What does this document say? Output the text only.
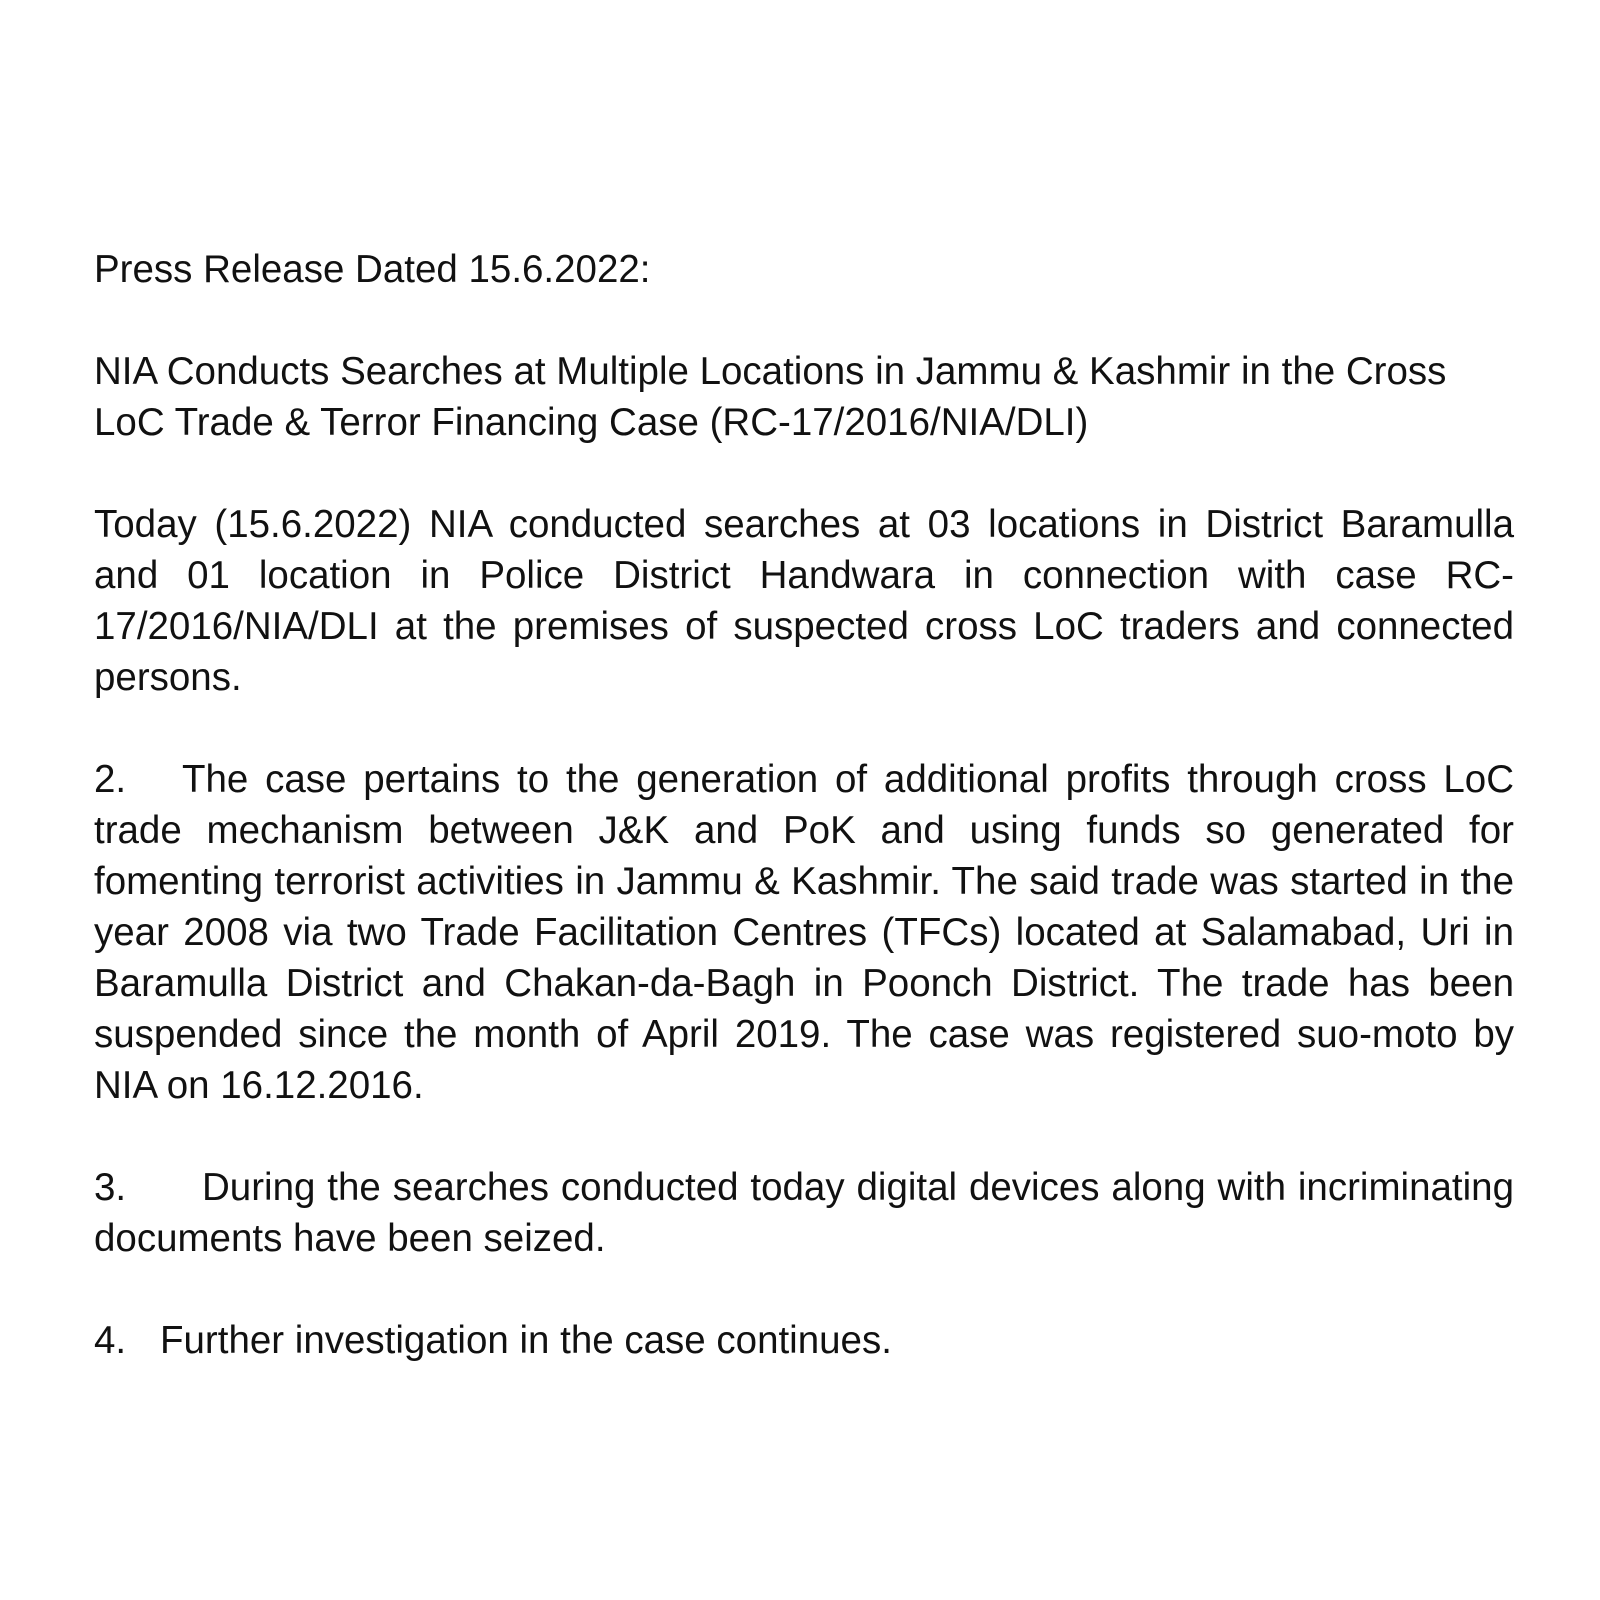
Press Release Dated 15.6.2022:

NIA Conducts Searches at Multiple Locations in Jammu & Kashmir in the Cross LoC Trade & Terror Financing Case (RC-17/2016/NIA/DLI)

Today (15.6.2022) NIA conducted searches at 03 locations in District Baramulla and 01 location in Police District Handwara in connection with case RC-17/2016/NIA/DLI at the premises of suspected cross LoC traders and connected persons.

2. The case pertains to the generation of additional profits through cross LoC trade mechanism between J&K and PoK and using funds so generated for fomenting terrorist activities in Jammu & Kashmir. The said trade was started in the year 2008 via two Trade Facilitation Centres (TFCs) located at Salamabad, Uri in Baramulla District and Chakan-da-Bagh in Poonch District. The trade has been suspended since the month of April 2019. The case was registered suo-moto by NIA on 16.12.2016.

3. During the searches conducted today digital devices along with incriminating documents have been seized.

4. Further investigation in the case continues.
